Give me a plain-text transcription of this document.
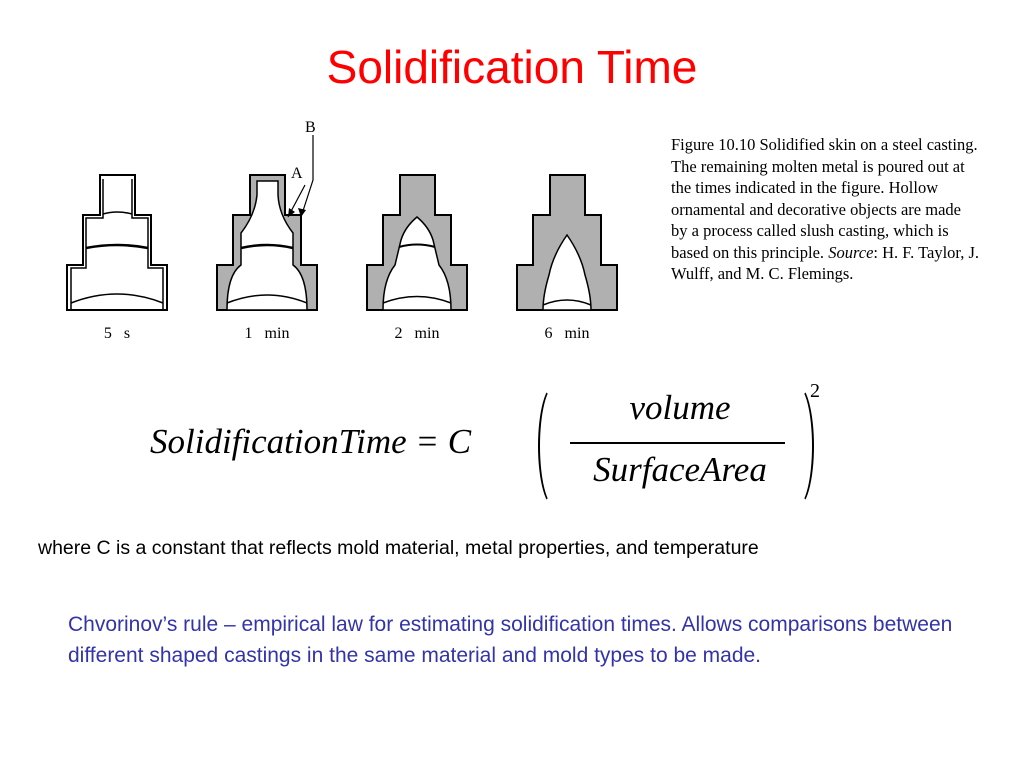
Solidification Time
B
A
5   s	1   min	2   min	6   min
Figure 10.10 Solidified skin on a steel casting. The remaining molten metal is poured out at the times indicated in the figure. Hollow ornamental and decorative objects are made by a process called slush casting, which is based on this principle. Source: H. F. Taylor, J. Wulff, and M. C. Flemings.
SolidificationTime = C
volume
SurfaceArea
2
where C is a constant that reflects mold material, metal properties, and temperature
Chvorinov’s rule – empirical law for estimating solidification times. Allows comparisons between different shaped castings in the same material and mold types to be made.
